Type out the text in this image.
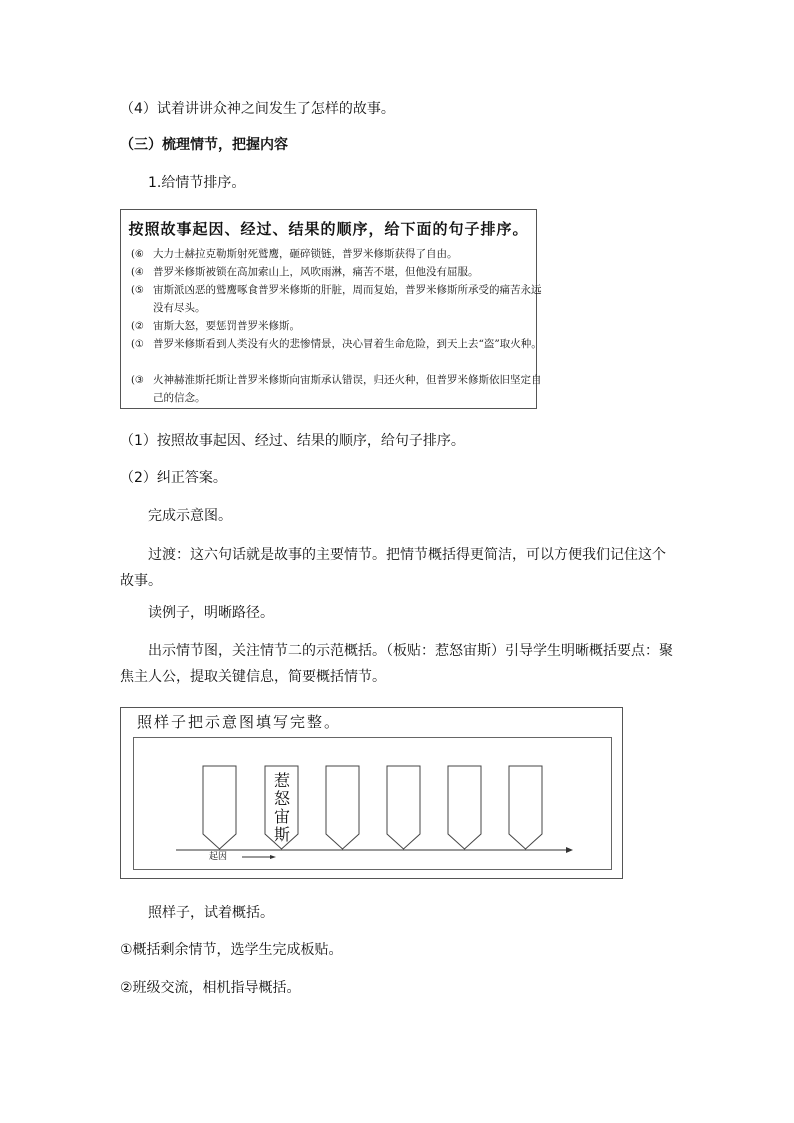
（4）试着讲讲众神之间发生了怎样的故事。
（三）梳理情节，把握内容
1.给情节排序。
按照故事起因、经过、结果的顺序，给下面的句子排序。
(⑥ 大力士赫拉克勒斯射死鹫鹰，砸碎锁链，普罗米修斯获得了自由。
(④ 普罗米修斯被锁在高加索山上，风吹雨淋，痛苦不堪，但他没有屈服。
(⑤ 宙斯派凶恶的鹫鹰啄食普罗米修斯的肝脏，周而复始，普罗米修斯所承受的痛苦永远没有尽头。
(② 宙斯大怒，要惩罚普罗米修斯。
(① 普罗米修斯看到人类没有火的悲惨情景，决心冒着生命危险，到天上去“盗”取火种。
(③ 火神赫淮斯托斯让普罗米修斯向宙斯承认错误，归还火种，但普罗米修斯依旧坚定自己的信念。
（1）按照故事起因、经过、结果的顺序，给句子排序。
（2）纠正答案。
完成示意图。
过渡：这六句话就是故事的主要情节。把情节概括得更简洁，可以方便我们记住这个故事。
读例子，明晰路径。
出示情节图，关注情节二的示范概括。（板贴：惹怒宙斯）引导学生明晰概括要点：聚焦主人公，提取关键信息，简要概括情节。
照样子把示意图填写完整。
惹怒宙斯
起因
照样子，试着概括。
①概括剩余情节，选学生完成板贴。
②班级交流，相机指导概括。
